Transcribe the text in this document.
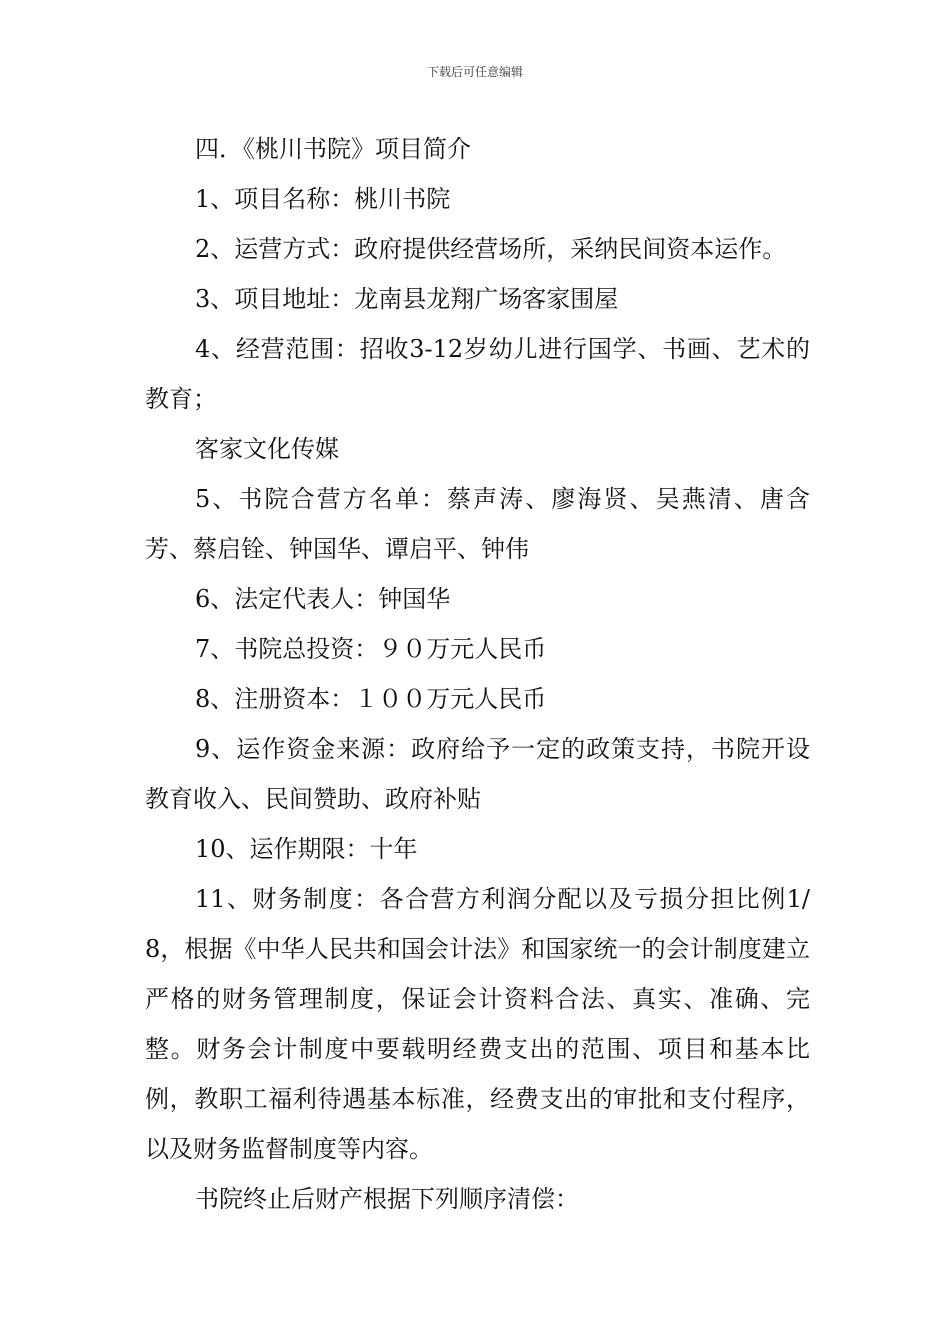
下载后可任意编辑

四．《桃川书院》项目简介

1、项目名称：桃川书院

2、运营方式：政府提供经营场所，采纳民间资本运作。

3、项目地址：龙南县龙翔广场客家围屋

4、经营范围：招收3-12岁幼儿进行国学、书画、艺术的教育；

客家文化传媒

5、书院合营方名单：蔡声涛、廖海贤、吴燕清、唐含芳、蔡启铨、钟国华、谭启平、钟伟

6、法定代表人：钟国华

7、书院总投资：９０万元人民币

8、注册资本：１００万元人民币

9、运作资金来源：政府给予一定的政策支持，书院开设教育收入、民间赞助、政府补贴

10、运作期限：十年

11、财务制度：各合营方利润分配以及亏损分担比例1/8，根据《中华人民共和国会计法》和国家统一的会计制度建立严格的财务管理制度，保证会计资料合法、真实、准确、完整。财务会计制度中要载明经费支出的范围、项目和基本比例，教职工福利待遇基本标准，经费支出的审批和支付程序，以及财务监督制度等内容。

书院终止后财产根据下列顺序清偿：
